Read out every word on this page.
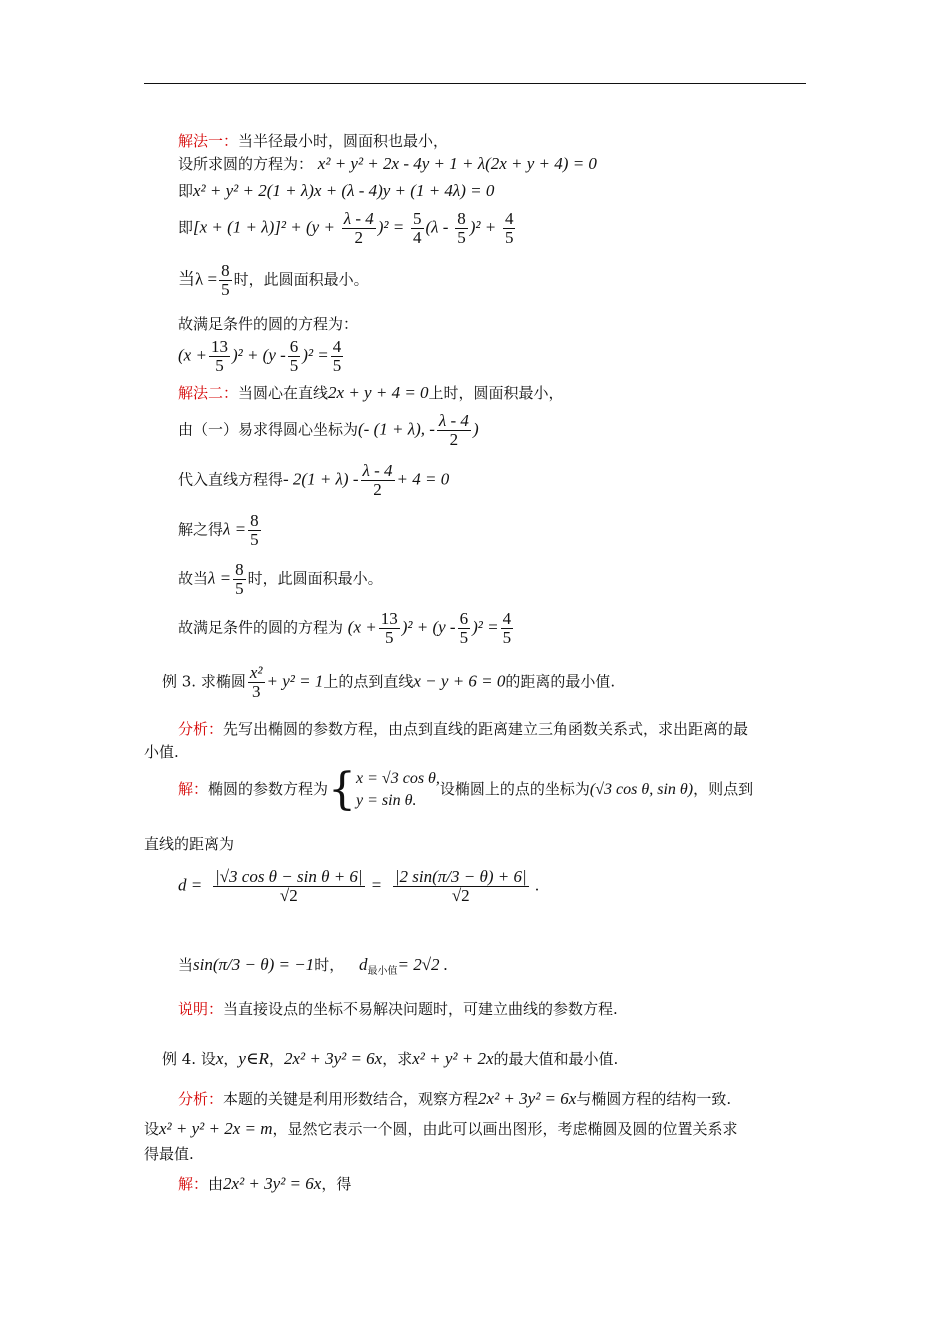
解法一：当半径最小时，圆面积也最小，
设所求圆的方程为： x² + y² + 2x - 4y + 1 + λ(2x + y + 4) = 0
即x² + y² + 2(1 + λ)x + (λ - 4)y + (1 + 4λ) = 0
即$[x + (1 + \lambda)]^2 + (y + \frac{\lambda - 4}{2} )^2 = \frac{5}{4} (\lambda - \frac{8}{5} )^2 + \frac{4}{5}$
当$\lambda = \frac{8}{5}$ 时，此圆面积最小。
故满足条件的圆的方程为：
$(x + \frac{13}{5} )^2 + (y - \frac{6}{5} )^2 = \frac{4}{5}$
解法二：当圆心在直线2x + y + 4 = 0上时，圆面积最小，
由（一）易求得圆心坐标为(- (1 + λ), - $\frac{\lambda - 4}{2}$ )
代入直线方程得- $2(1 + \lambda) - \frac{\lambda - 4}{2} + 4 = 0$
解之得$\lambda = \frac{8}{5}$
故当$\lambda = \frac{8}{5}$ 时，此圆面积最小。
故满足条件的圆的方程为 $(x + \frac{13}{5} )^2 + (y - \frac{6}{5} )^2 = \frac{4}{5}$
例 3. 求椭圆 $\frac{\text{x²}}{3} + y^2 = 1$上的点到直线x − y + 6 = 0的距离的最小值.
分析：先写出椭圆的参数方程，由点到直线的距离建立三角函数关系式，求出距离的最
小值.
解：椭圆的参数方程为{ x = √3 cos θ,
y = sin θ.
设椭圆上的点的坐标为(√3 cos θ, sin θ)，则点到
直线的距离为
$d = \frac{\text{|√3 cos θ − sin θ + 6|}}{√2} = \frac{|2 \sin(\pi/3 - \theta) + 6|}{√2}$ .
当sin(π/3 − θ) = −1时， $d_{最小值}= 2√2$ .
说明：当直接设点的坐标不易解决问题时，可建立曲线的参数方程.
例 4. 设x，y∈R，2x² + 3y² = 6x，求x² + y² + 2x的最大值和最小值.
分析：本题的关键是利用形数结合，观察方程2x² + 3y² = 6x与椭圆方程的结构一致.
设x² + y² + 2x = m，显然它表示一个圆，由此可以画出图形，考虑椭圆及圆的位置关系求
得最值.
解：由2x² + 3y² = 6x，得
